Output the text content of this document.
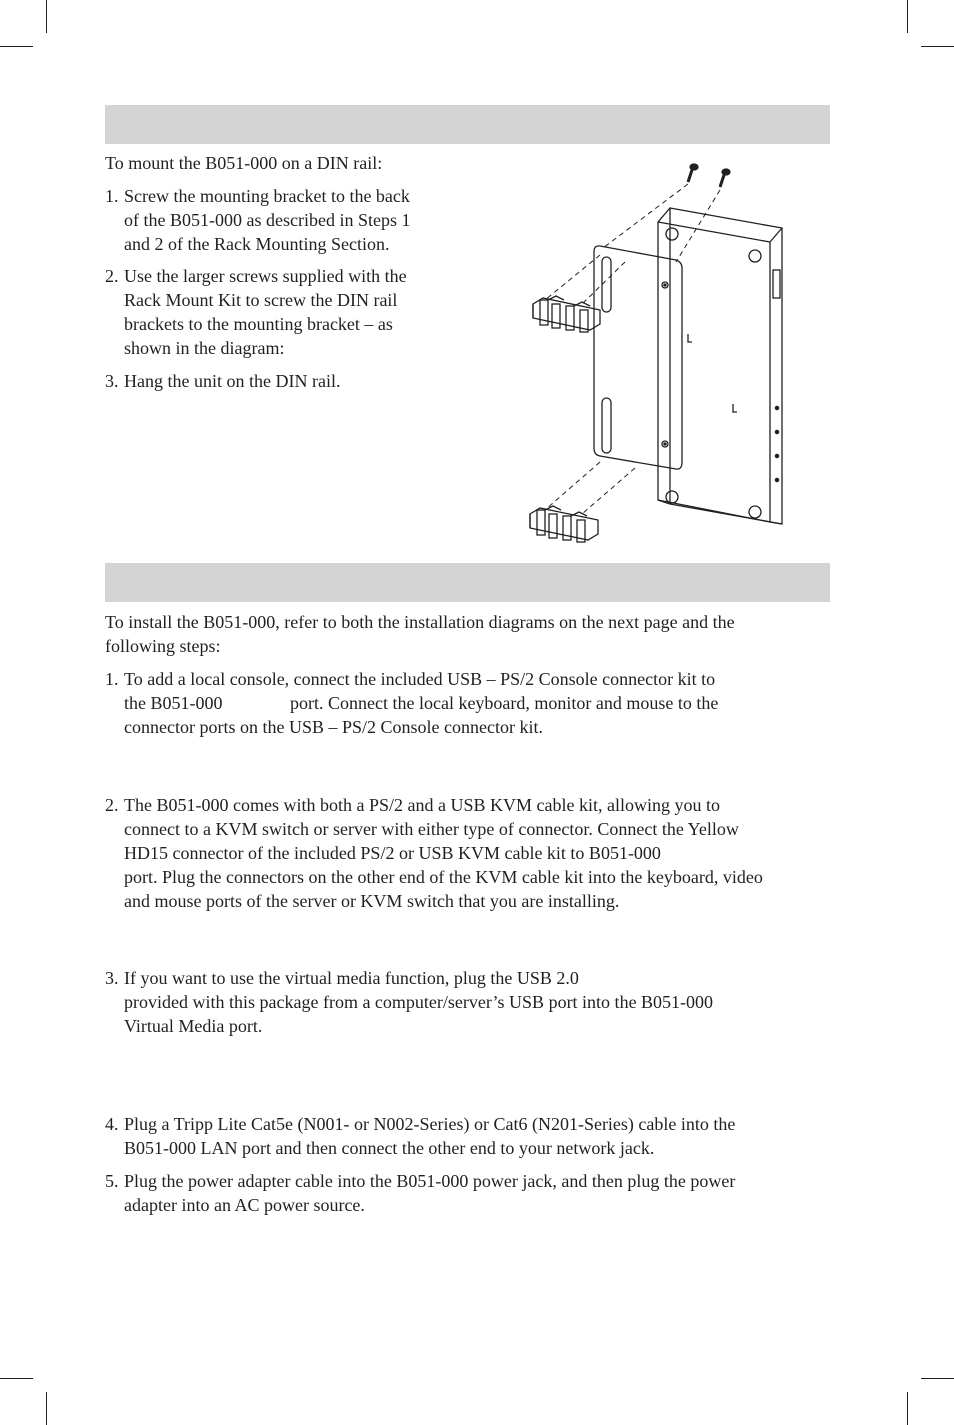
To mount the B051-000 on a DIN rail:

1. Screw the mounting bracket to the back
of the B051-000 as described in Steps 1
and 2 of the Rack Mounting Section.
2. Use the larger screws supplied with the
Rack Mount Kit to screw the DIN rail
brackets to the mounting bracket – as
shown in the diagram:
3. Hang the unit on the DIN rail.
To install the B051-000, refer to both the installation diagrams on the next page and the
following steps:
1. To add a local console, connect the included USB – PS/2 Console connector kit to
the B051-000               port. Connect the local keyboard, monitor and mouse to the
connector ports on the USB – PS/2 Console connector kit.
2. The B051-000 comes with both a PS/2 and a USB KVM cable kit, allowing you to
connect to a KVM switch or server with either type of connector. Connect the Yellow
HD15 connector of the included PS/2 or USB KVM cable kit to B051-000
port. Plug the connectors on the other end of the KVM cable kit into the keyboard, video
and mouse ports of the server or KVM switch that you are installing.
3. If you want to use the virtual media function, plug the USB 2.0
provided with this package from a computer/server’s USB port into the B051-000
Virtual Media port.
4. Plug a Tripp Lite Cat5e (N001- or N002-Series) or Cat6 (N201-Series) cable into the
B051-000 LAN port and then connect the other end to your network jack.
5. Plug the power adapter cable into the B051-000 power jack, and then plug the power
adapter into an AC power source.
